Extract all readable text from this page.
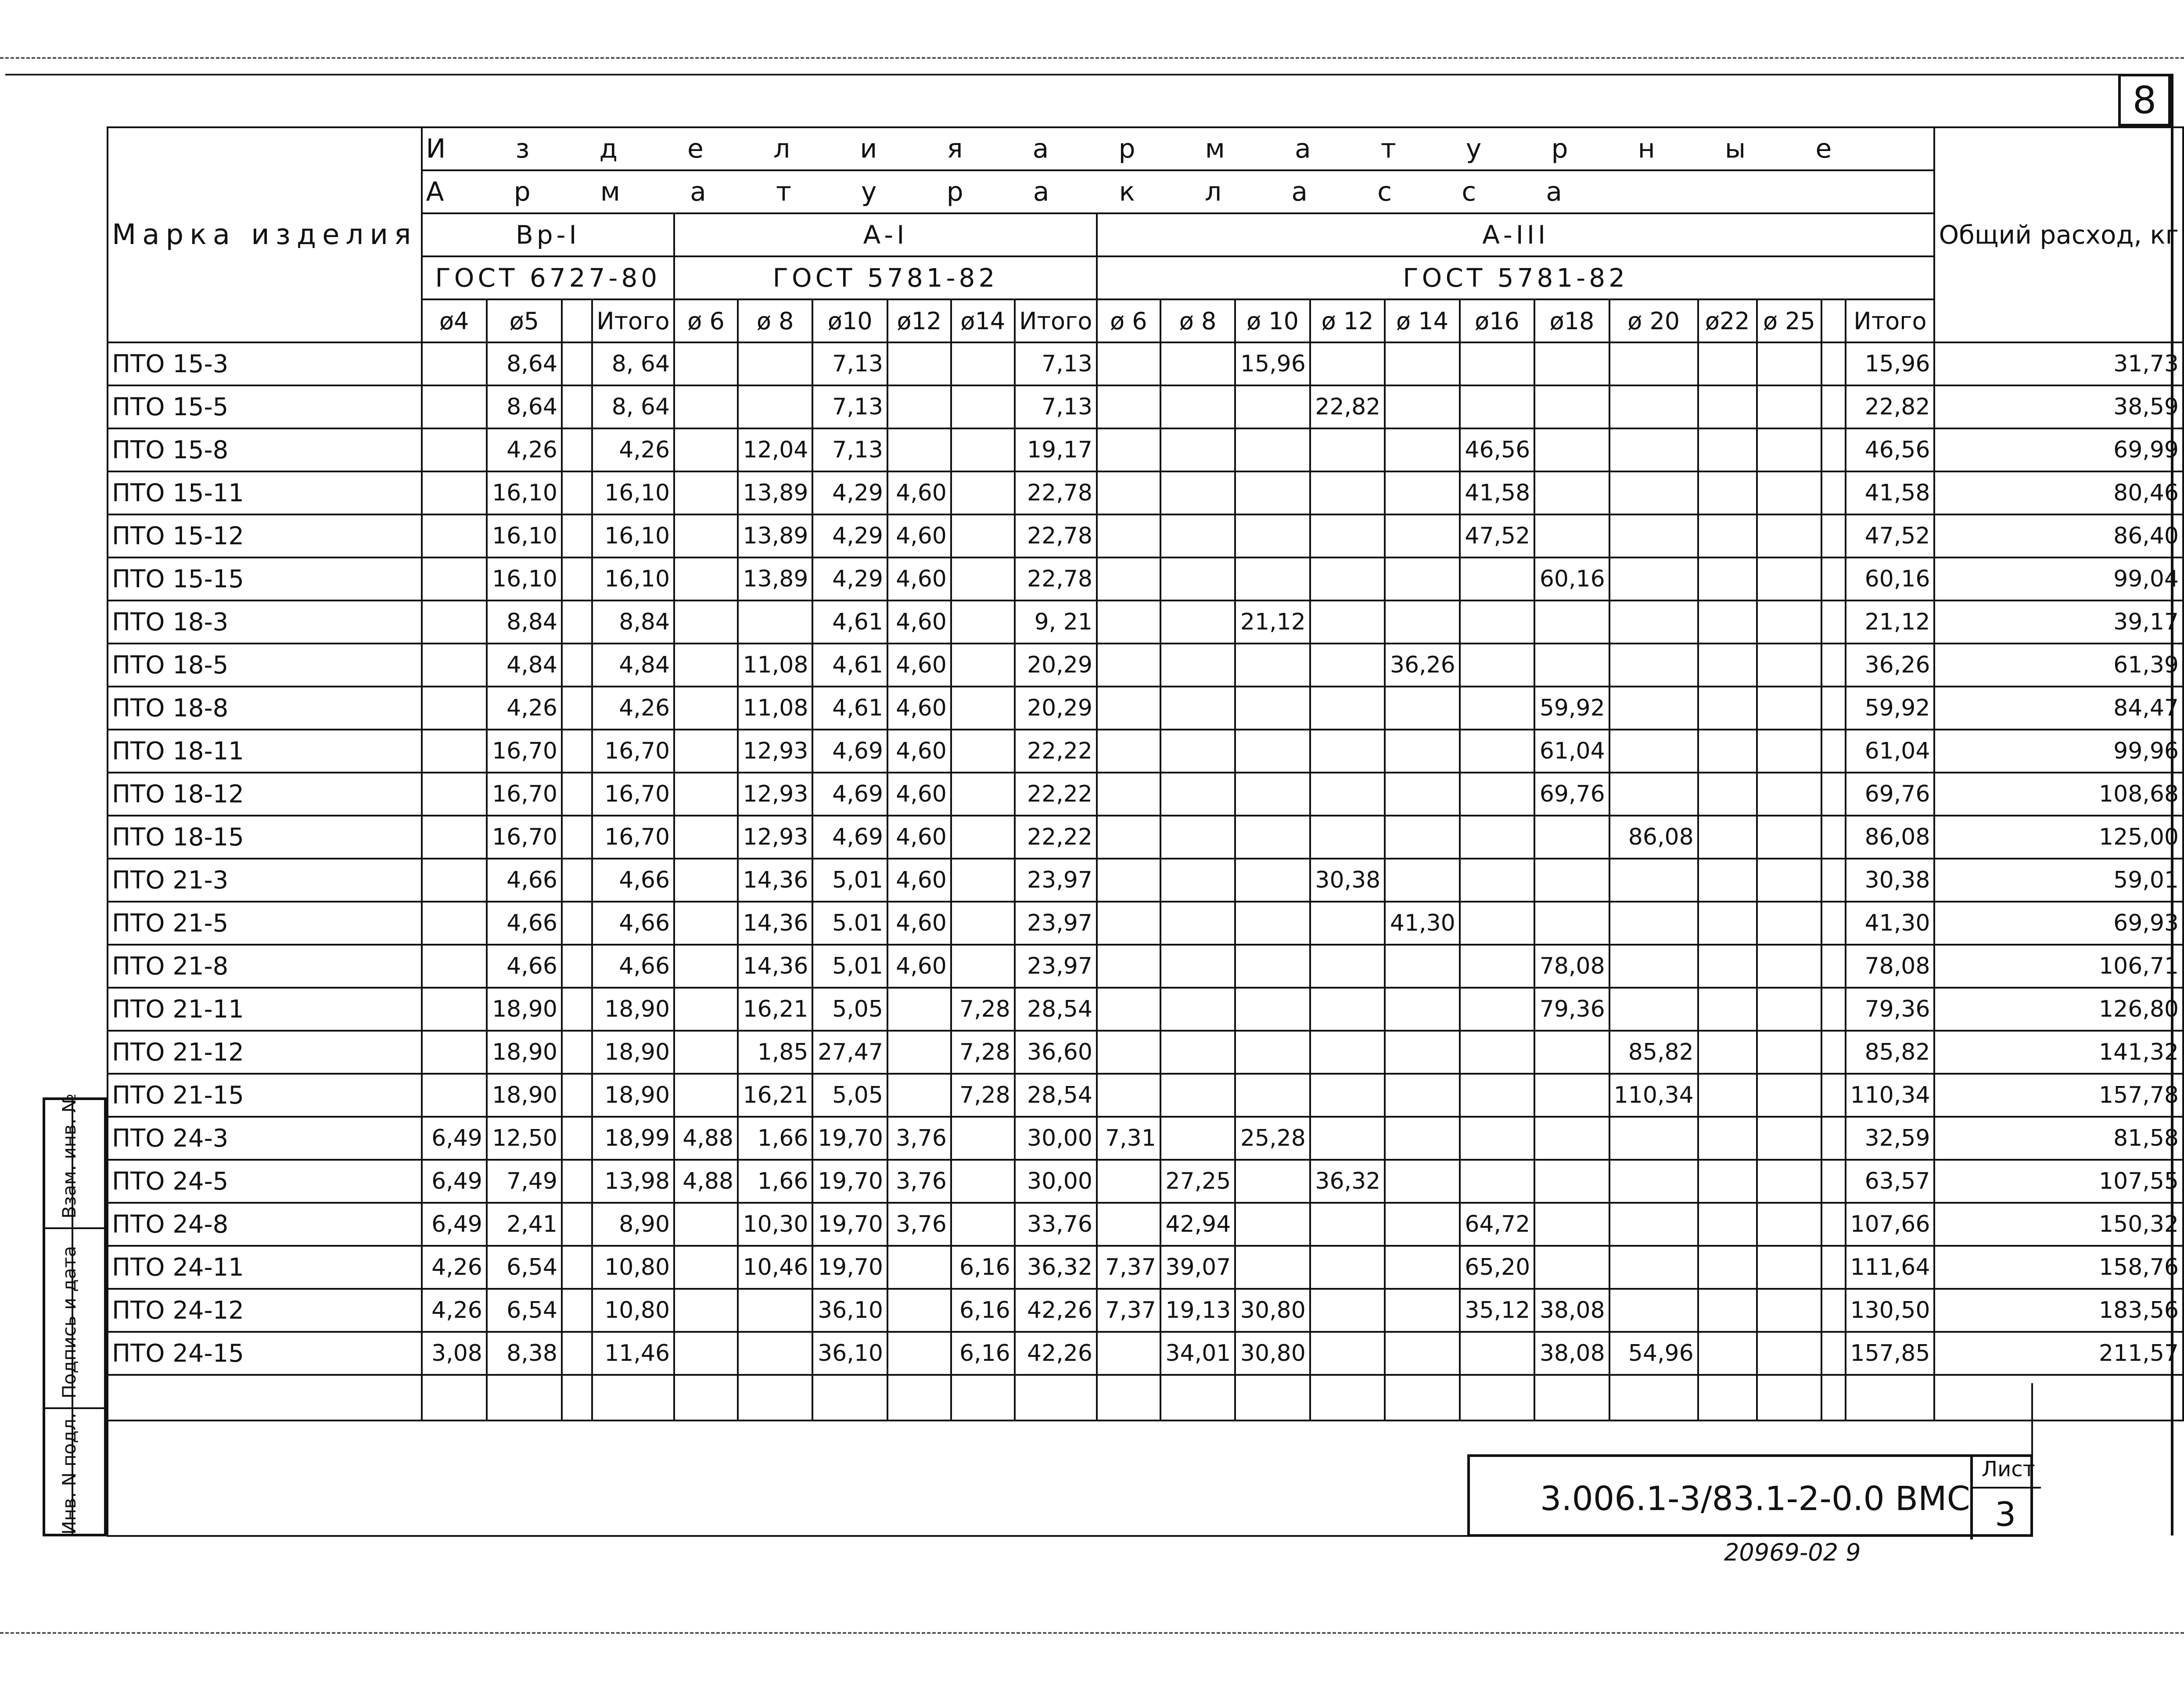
8
Марка изделия	И з д е л и я а р м а т у р н ы е																						Общий расход, кг
	А р м а т у р а к л а с с а																						
	Вр-I				А-I						А-III												
	ГОСТ 6727-80				ГОСТ 5781-82						ГОСТ 5781-82												
	ø4	ø5		Итого	ø 6	ø 8	ø10	ø12	ø14	Итого	ø 6	ø 8	ø 10	ø 12	ø 14	ø16	ø18	ø 20	ø22	ø 25		Итого	
ПТО 15-3		8,64		8, 64			7,13			7,13			15,96									15,96	31,73
ПТО 15-5		8,64		8, 64			7,13			7,13				22,82								22,82	38,59
ПТО 15-8		4,26		4,26		12,04	7,13			19,17						46,56						46,56	69,99
ПТО 15-11		16,10		16,10		13,89	4,29	4,60		22,78						41,58						41,58	80,46
ПТО 15-12		16,10		16,10		13,89	4,29	4,60		22,78						47,52						47,52	86,40
ПТО 15-15		16,10		16,10		13,89	4,29	4,60		22,78							60,16					60,16	99,04
ПТО 18-3		8,84		8,84			4,61	4,60		9, 21			21,12									21,12	39,17
ПТО 18-5		4,84		4,84		11,08	4,61	4,60		20,29					36,26							36,26	61,39
ПТО 18-8		4,26		4,26		11,08	4,61	4,60		20,29							59,92					59,92	84,47
ПТО 18-11		16,70		16,70		12,93	4,69	4,60		22,22							61,04					61,04	99,96
ПТО 18-12		16,70		16,70		12,93	4,69	4,60		22,22							69,76					69,76	108,68
ПТО 18-15		16,70		16,70		12,93	4,69	4,60		22,22								86,08				86,08	125,00
ПТО 21-3		4,66		4,66		14,36	5,01	4,60		23,97				30,38								30,38	59,01
ПТО 21-5		4,66		4,66		14,36	5.01	4,60		23,97					41,30							41,30	69,93
ПТО 21-8		4,66		4,66		14,36	5,01	4,60		23,97							78,08					78,08	106,71
ПТО 21-11		18,90		18,90		16,21	5,05		7,28	28,54							79,36					79,36	126,80
ПТО 21-12		18,90		18,90		1,85	27,47		7,28	36,60								85,82				85,82	141,32
ПТО 21-15		18,90		18,90		16,21	5,05		7,28	28,54								110,34				110,34	157,78
ПТО 24-3	6,49	12,50		18,99	4,88	1,66	19,70	3,76		30,00	7,31		25,28									32,59	81,58
ПТО 24-5	6,49	7,49		13,98	4,88	1,66	19,70	3,76		30,00		27,25		36,32								63,57	107,55
ПТО 24-8	6,49	2,41		8,90		10,30	19,70	3,76		33,76		42,94				64,72						107,66	150,32
ПТО 24-11	4,26	6,54		10,80		10,46	19,70		6,16	36,32	7,37	39,07				65,20						111,64	158,76
ПТО 24-12	4,26	6,54		10,80			36,10		6,16	42,26	7,37	19,13	30,80			35,12	38,08					130,50	183,56
ПТО 24-15	3,08	8,38		11,46			36,10		6,16	42,26		34,01	30,80				38,08	54,96				157,85	211,57

Взам. инв. №
Подпись и дата
Инв. N подл.	3.006.1-3/83.1-2-0.0 ВМС
Лист
3
20969-02 9
